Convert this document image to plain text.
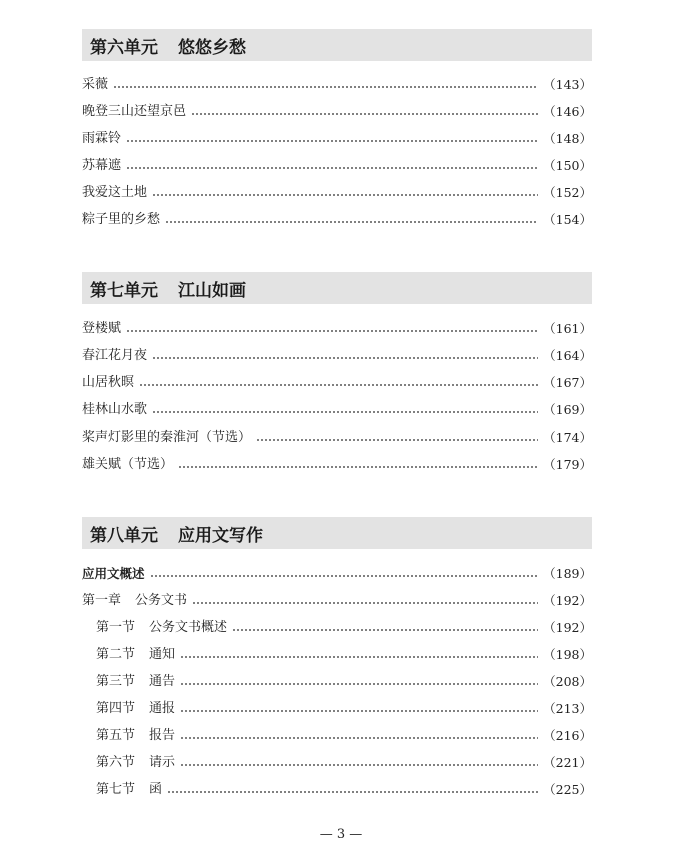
第六单元 悠悠乡愁
采薇	（143）
晚登三山还望京邑	（146）
雨霖铃	（148）
苏幕遮	（150）
我爱这土地	（152）
粽子里的乡愁	（154）
第七单元 江山如画
登楼赋	（161）
春江花月夜	（164）
山居秋暝	（167）
桂林山水歌	（169）
桨声灯影里的秦淮河（节选）	（174）
雄关赋（节选）	（179）
第八单元 应用文写作
应用文概述	（189）
第一章 公务文书	（192）
第一节 公务文书概述	（192）
第二节 通知	（198）
第三节 通告	（208）
第四节 通报	（213）
第五节 报告	（216）
第六节 请示	（221）
第七节 函	（225）
— 3 —
